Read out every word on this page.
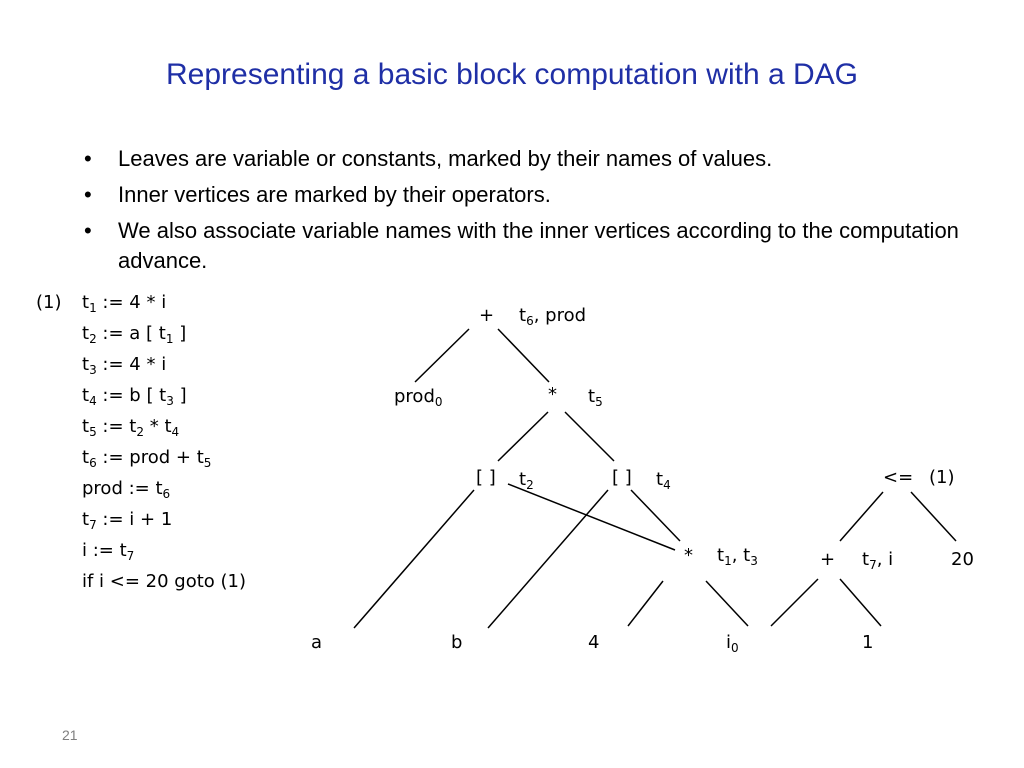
Representing a basic block computation with a DAG
• Leaves are variable or constants, marked by their names of values.
• Inner vertices are marked by their operators.
• We also associate variable names with the inner vertices according to the computation advance.
(1) $t_1$ := 4 * i
$t_2$ := a [ $t_1$ ]
$t_3$ := 4 * i
$t_4$ := b [ $t_3$ ]
$t_5$ := $t_2 * t_4$
$t_6$ := prod + $t_5$
prod := $t_6$
$t_7$ := i + 1
i := $t_7$
if i <= 20 goto (1)
+ $t_6$, prod
prod$_0$	* $t_5$
[ ] $t_2$	[ ] $t_4$	<= (1)
* $t_1$, $t_3$	+ $t_7$, i	20
a	b	4	$i_0$	1
21
